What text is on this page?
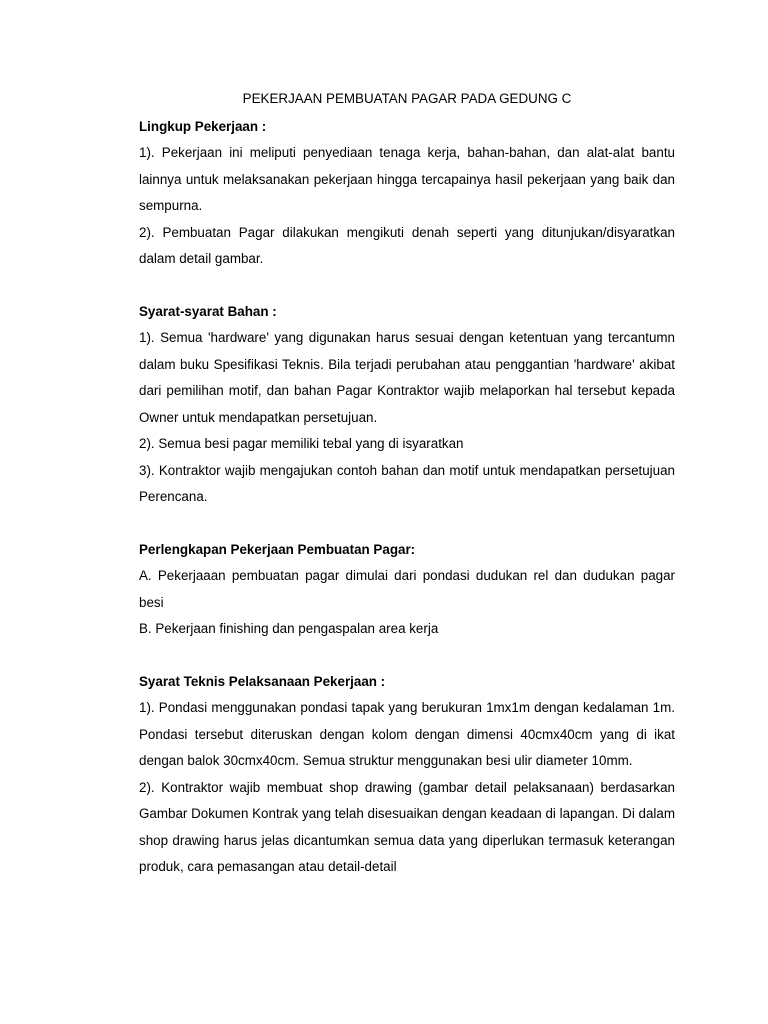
PEKERJAAN PEMBUATAN PAGAR PADA GEDUNG C

Lingkup Pekerjaan :

1). Pekerjaan ini meliputi penyediaan tenaga kerja, bahan-bahan, dan alat-alat bantu lainnya untuk melaksanakan pekerjaan hingga tercapainya hasil pekerjaan yang baik dan sempurna.

2). Pembuatan Pagar dilakukan mengikuti denah seperti yang ditunjukan/disyaratkan dalam detail gambar.

Syarat-syarat Bahan :

1). Semua 'hardware' yang digunakan harus sesuai dengan ketentuan yang tercantumn dalam buku Spesifikasi Teknis. Bila terjadi perubahan atau penggantian 'hardware' akibat dari pemilihan motif, dan bahan Pagar Kontraktor wajib melaporkan hal tersebut kepada Owner untuk mendapatkan persetujuan.

2). Semua besi pagar memiliki tebal yang di isyaratkan

3). Kontraktor wajib mengajukan contoh bahan dan motif untuk mendapatkan persetujuan Perencana.

Perlengkapan Pekerjaan Pembuatan Pagar:

A. Pekerjaaan pembuatan pagar dimulai dari pondasi dudukan rel dan dudukan pagar besi

B. Pekerjaan finishing dan pengaspalan area kerja

Syarat Teknis Pelaksanaan Pekerjaan :

1). Pondasi menggunakan pondasi tapak yang berukuran 1mx1m dengan kedalaman 1m. Pondasi tersebut diteruskan dengan kolom dengan dimensi 40cmx40cm yang di ikat dengan balok 30cmx40cm. Semua struktur menggunakan besi ulir diameter 10mm.

2). Kontraktor wajib membuat shop drawing (gambar detail pelaksanaan) berdasarkan Gambar Dokumen Kontrak yang telah disesuaikan dengan keadaan di lapangan. Di dalam shop drawing harus jelas dicantumkan semua data yang diperlukan termasuk keterangan produk, cara pemasangan atau detail-detail
